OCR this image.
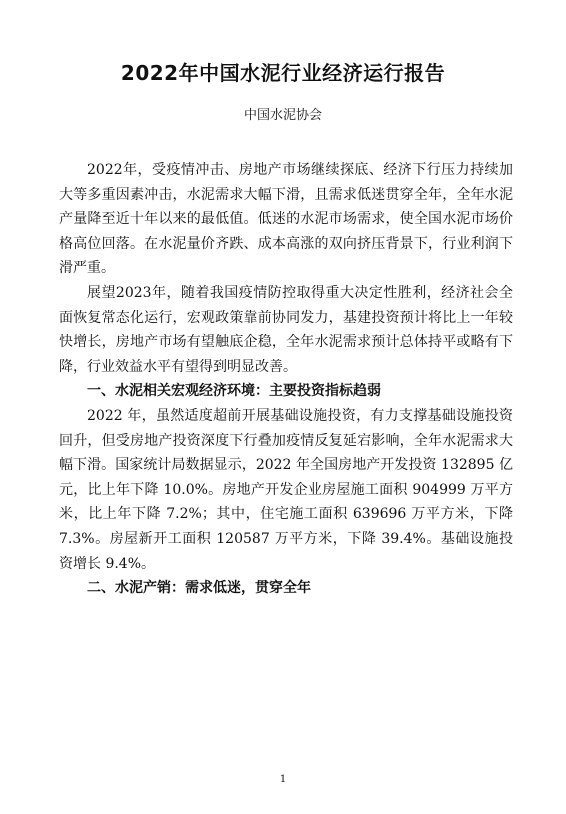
2022年中国水泥行业经济运行报告

中国水泥协会

2022年，受疫情冲击、房地产市场继续探底、经济下行压力持续加大等多重因素冲击，水泥需求大幅下滑，且需求低迷贯穿全年，全年水泥产量降至近十年以来的最低值。低迷的水泥市场需求，使全国水泥市场价格高位回落。在水泥量价齐跌、成本高涨的双向挤压背景下，行业利润下滑严重。

展望2023年，随着我国疫情防控取得重大决定性胜利，经济社会全面恢复常态化运行，宏观政策靠前协同发力，基建投资预计将比上一年较快增长，房地产市场有望触底企稳，全年水泥需求预计总体持平或略有下降，行业效益水平有望得到明显改善。

一、水泥相关宏观经济环境：主要投资指标趋弱

2022 年，虽然适度超前开展基础设施投资，有力支撑基础设施投资回升，但受房地产投资深度下行叠加疫情反复延宕影响，全年水泥需求大幅下滑。国家统计局数据显示，2022 年全国房地产开发投资 132895 亿元，比上年下降 10.0%。房地产开发企业房屋施工面积 904999 万平方米，比上年下降 7.2%；其中，住宅施工面积 639696 万平方米，下降 7.3%。房屋新开工面积 120587 万平方米，下降 39.4%。基础设施投资增长 9.4%。

二、水泥产销：需求低迷，贯穿全年

1
